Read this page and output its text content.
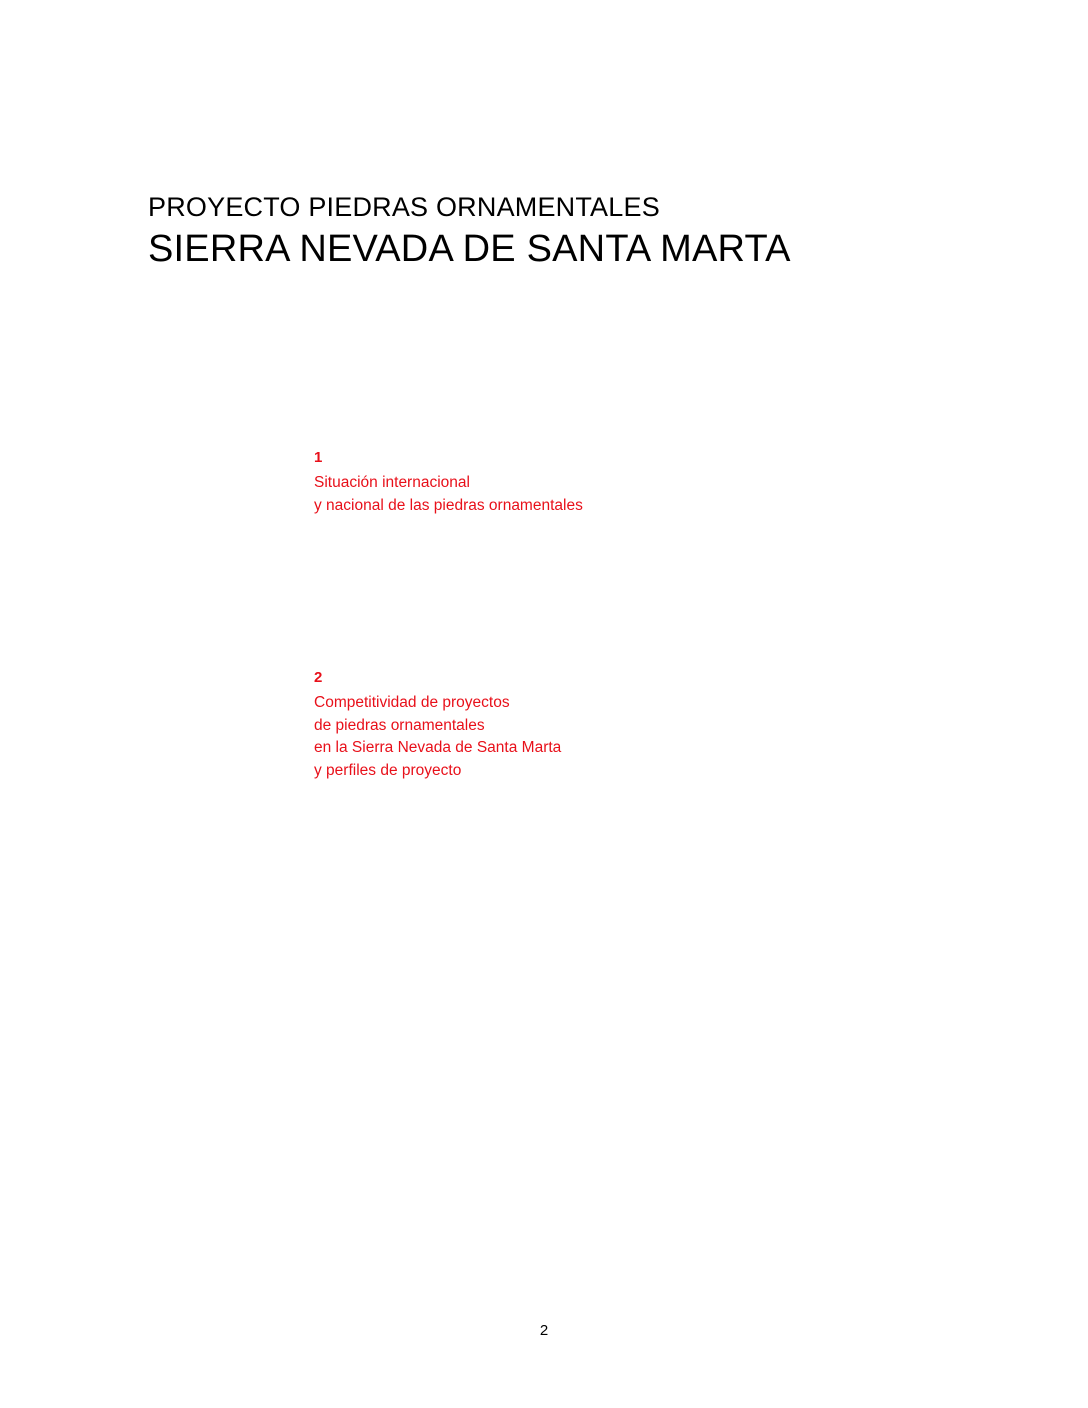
PROYECTO PIEDRAS ORNAMENTALES
SIERRA NEVADA DE SANTA MARTA
1
Situación internacional
y nacional de las piedras ornamentales
2
Competitividad de proyectos
de piedras ornamentales
en la Sierra Nevada de Santa Marta
y perfiles de proyecto
2
